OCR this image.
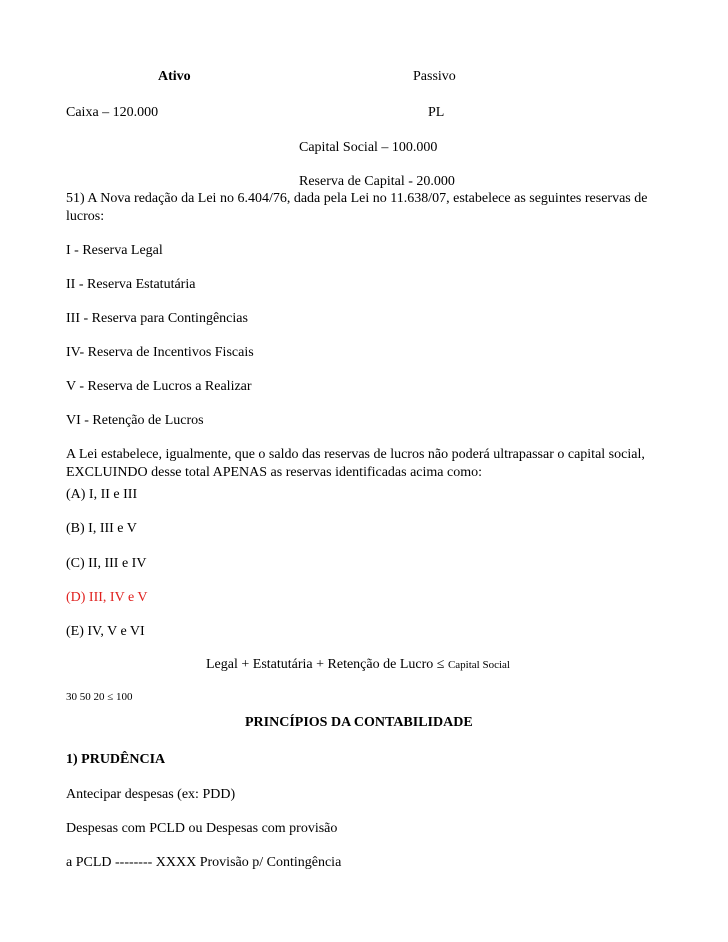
Ativo	Passivo
Caixa – 120.000	PL
Capital Social – 100.000
Reserva de Capital - 20.000
51) A Nova redação da Lei no 6.404/76, dada pela Lei no 11.638/07, estabelece as seguintes reservas de lucros:
I - Reserva Legal
II - Reserva Estatutária
III - Reserva para Contingências
IV- Reserva de Incentivos Fiscais
V - Reserva de Lucros a Realizar
VI - Retenção de Lucros
A Lei estabelece, igualmente, que o saldo das reservas de lucros não poderá ultrapassar o capital social, EXCLUINDO desse total APENAS as reservas identificadas acima como:
(A) I, II e III
(B) I, III e V
(C) II, III e IV
(D) III, IV e V
(E) IV, V e VI
Legal + Estatutária + Retenção de Lucro ≤ Capital Social
30 50 20 ≤ 100
PRINCÍPIOS DA CONTABILIDADE
1) PRUDÊNCIA
Antecipar despesas (ex: PDD)
Despesas com PCLD ou Despesas com provisão
a PCLD -------- XXXX Provisão p/ Contingência
